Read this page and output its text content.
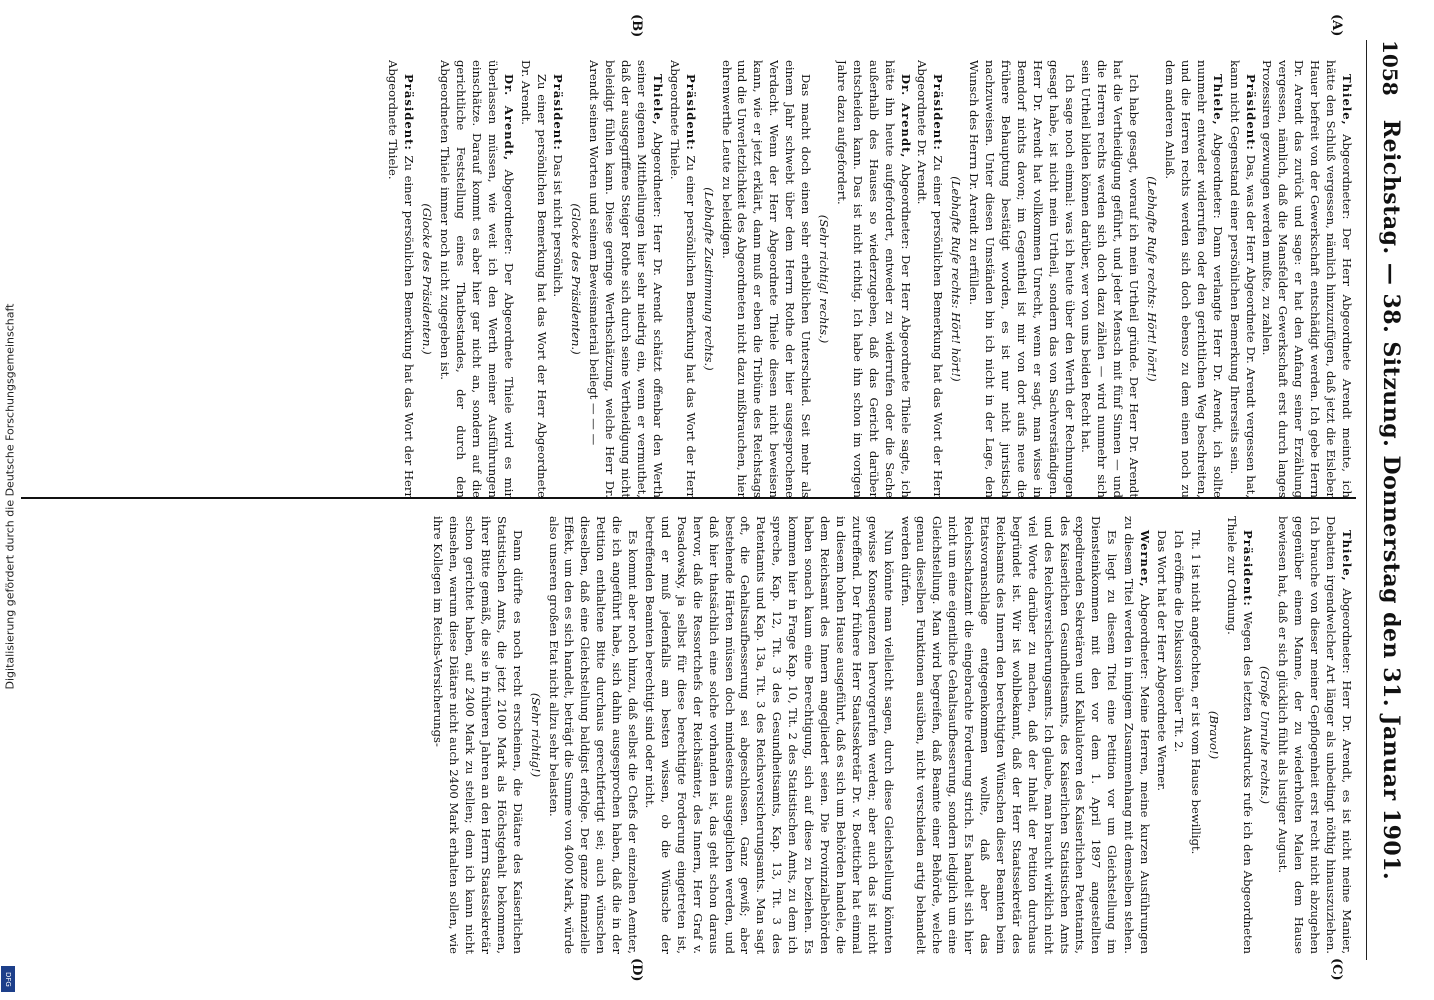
1058
Reichstag. — 38. Sitzung. Donnerstag den 31. Januar 1901.
(A)
(B)
(C)
(D)

Thiele, Abgeordneter: Der Herr Abgeordnete Arendt meinte, ich hätte den Schluß vergessen, nämlich hinzuzufügen, daß jetzt die Eisleber Hauer befreit von der Gewerkschaft entschädigt werden. Ich gebe Herrn Dr. Arendt das zurück und sage: er hat den Anfang seiner Erzählung vergessen, nämlich, daß die Mansfelder Gewerkschaft erst durch langes Prozessiren gezwungen werden mußte, zu zahlen.

Präsident: Das, was der Herr Abgeordnete Dr. Arendt vergessen hat, kann nicht Gegenstand einer persönlichen Bemerkung Ihrerseits sein.

Thiele, Abgeordneter: Dann verlangte Herr Dr. Arendt, ich sollte nunmehr entweder widerrufen oder den gerichtlichen Weg beschreiten, und die Herren rechts werden sich doch ebenso zu dem einen noch zu dem anderen Anlaß.

(Lebhafte Rufe rechts: Hört! hört!)

Ich habe gesagt, worauf ich mein Urtheil gründe. Der Herr Dr. Arendt hat die Vertheidigung geführt, und jeder Mensch mit fünf Sinnen — und die Herren rechts werden sich doch dazu zählen — wird nunmehr sich sein Urtheil bilden können darüber, wer von uns beiden Recht hat.

Ich sage noch einmal: was ich heute über den Werth der Rechnungen gesagt habe, ist nicht mein Urtheil, sondern das von Sachverständigen. Herr Dr. Arendt hat vollkommen Unrecht, wenn er sagt, man wisse in Bemdorf nichts davon; im Gegentheil ist mir von dort aufs neue die frühere Behauptung bestätigt worden, es ist nur nicht juristisch nachzuweisen. Unter diesen Umständen bin ich nicht in der Lage, den Wunsch des Herrn Dr. Arendt zu erfüllen.

(Lebhafte Rufe rechts: Hört! hört!)

Präsident: Zu einer persönlichen Bemerkung hat das Wort der Herr Abgeordnete Dr. Arendt.

Dr. Arendt, Abgeordneter: Der Herr Abgeordnete Thiele sagte, ich hätte ihn heute aufgefordert, entweder zu widerrufen oder die Sache außerhalb des Hauses so wiederzugeben, daß das Gericht darüber entscheiden kann. Das ist nicht richtig. Ich habe ihn schon im vorigen Jahre dazu aufgefordert.

(Sehr richtig! rechts.)

Das macht doch einen sehr erheblichen Unterschied. Seit mehr als einem Jahr schwebt über dem Herrn Rothe der hier ausgesprochene Verdacht. Wenn der Herr Abgeordnete Thiele diesen nicht beweisen kann, wie er jetzt erklärt, dann muß er eben die Tribüne des Reichstags und die Unverletzlichkeit des Abgeordneten nicht dazu mißbrauchen, hier ehrenwerthe Leute zu beleidigen.

(Lebhafte Zustimmung rechts.)

Präsident: Zu einer persönlichen Bemerkung hat das Wort der Herr Abgeordnete Thiele.

Thiele, Abgeordneter: Herr Dr. Arendt schätzt offenbar den Werth seiner eigenen Mittheilungen hier sehr niedrig ein, wenn er vermuthet, daß der ausgegriffene Steiger Rothe sich durch seine Vertheidigung nicht beleidigt fühlen kann. Diese geringe Werthschätzung, welche Herr Dr. Arendt seinen Worten und seinem Beweismaterial beilegt — — —

(Glocke des Präsidenten.)

Präsident: Das ist nicht persönlich.

Zu einer persönlichen Bemerkung hat das Wort der Herr Abgeordnete Dr. Arendt.

Dr. Arendt, Abgeordneter: Der Abgeordnete Thiele wird es mir überlassen müssen, wie weit ich den Werth meiner Ausführungen einschätze. Darauf kommt es aber hier gar nicht an, sondern auf die gerichtliche Feststellung eines Thatbestandes, der durch den Abgeordneten Thiele immer noch nicht zugegeben ist.

(Glocke des Präsidenten.)

Präsident: Zu einer persönlichen Bemerkung hat das Wort der Herr Abgeordnete Thiele.

Thiele, Abgeordneter: Herr Dr. Arendt, es ist nicht meine Manier, Debatten irgendwelcher Art länger als unbedingt nöthig hinauszuziehen. Ich brauche von dieser meiner Gepflogenheit erst recht nicht abzugehen gegenüber einem Manne, der zu wiederholten Malen dem Hause bewiesen hat, daß er sich glücklich fühlt als lustiger August.

(Große Unruhe rechts.)

Präsident: Wegen des letzten Ausdrucks rufe ich den Abgeordneten Thiele zur Ordnung.

(Bravo!)

Tit. 1 ist nicht angefochten, er ist vom Hause bewilligt.

Ich eröffne die Diskussion über Tit. 2.

Das Wort hat der Herr Abgeordnete Werner.

Werner, Abgeordneter: Meine Herren, meine kurzen Ausführungen zu diesem Titel werden in innigem Zusammenhang mit demselben stehen.

Es liegt zu diesem Titel eine Petition vor um Gleichstellung im Diensteinkommen mit den vor dem 1. April 1897 angestellten expedirenden Sekretären und Kalkulatoren des Kaiserlichen Patentamts, des Kaiserlichen Gesundheitsamts, des Kaiserlichen Statistischen Amts und des Reichsversicherungsamts. Ich glaube, man braucht wirklich nicht viel Worte darüber zu machen, daß der Inhalt der Petition durchaus begründet ist. Wir ist wohlbekannt, daß der Herr Staatssekretär des Reichsamts des Innern den berechtigten Wünschen dieser Beamten beim Etatsvoranschlage entgegenkommen wollte, daß aber das Reichsschatzamt die eingebrachte Forderung strich. Es handelt sich hier nicht um eine eigentliche Gehaltsaufbesserung, sondern lediglich um eine Gleichstellung. Man wird begreifen, daß Beamte einer Behörde, welche genau dieselben Funktionen ausüben, nicht verschieden artig behandelt werden dürfen.

Nun könnte man vielleicht sagen, durch diese Gleichstellung könnten gewisse Konsequenzen hervorgerufen werden; aber auch das ist nicht zutreffend. Der frühere Herr Staatssekretär Dr. v. Boetticher hat einmal in diesem hohen Hause ausgeführt, daß es sich um Behörden handele, die dem Reichsamt des Innern angegliedert seien. Die Provinzialbehörden haben sonach kaum eine Berechtigung, sich auf diese zu beziehen. Es kommen hier in Frage Kap. 10, Tit. 2 des Statistischen Amts, zu dem ich spreche, Kap. 12, Tit. 3 des Gesundheitsamts, Kap. 13, Tit. 3 des Patentamts und Kap. 13a, Tit. 3 des Reichsversicherungsamts. Man sagt oft, die Gehaltsaufbesserung sei abgeschlossen. Ganz gewiß; aber bestehende Härten müssen doch mindestens ausgeglichen werden, und daß hier thatsächlich eine solche vorhanden ist, das geht schon daraus hervor, daß die Ressortchefs der Reichsämter, des Innern, Herr Graf v. Posadowsky, ja selbst für diese berechtigte Forderung eingetreten ist, und er muß jedenfalls am besten wissen, ob die Wünsche der betreffenden Beamten berechtigt sind oder nicht.

Es kommt aber noch hinzu, daß selbst die Chefs der einzelnen Aemter, die ich angeführt habe, sich dahin ausgesprochen haben, daß die in der Petition enthaltene Bitte durchaus gerechtfertigt sei; auch wünschen dieselben, daß eine Gleichstellung baldigst erfolge. Der ganze finanzielle Effekt, um den es sich handelt, beträgt die Summe von 4000 Mark, würde also unseren großen Etat nicht allzu sehr belasten.

(Sehr richtig!)

Dann dürfte es noch recht erscheinen, die Diätare des Kaiserlichen Statistischen Amts, die jetzt 2100 Mark als Höchstgehalt bekommen, ihrer Bitte gemäß, die sie in früheren Jahren an den Herrn Staatssekretär schon gerichtet haben, auf 2400 Mark zu stellen; denn ich kann nicht einsehen, warum diese Diätare nicht auch 2400 Mark erhalten sollen, wie ihre Kollegen im Reichs-Versicherungs-

Digitalisierung gefördert durch die Deutsche Forschungsgemeinschaft
DFG
